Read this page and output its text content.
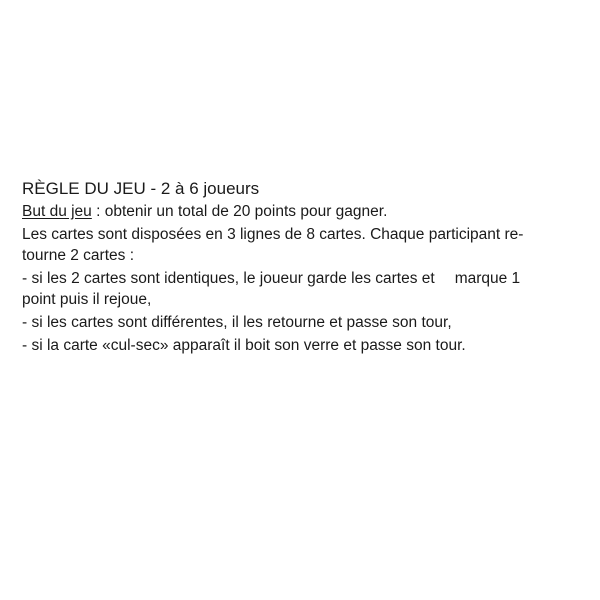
RÈGLE DU JEU - 2 à 6 joueurs

But du jeu : obtenir un total de 20 points pour gagner.

Les cartes sont disposées en 3 lignes de 8 cartes. Chaque participant re-
tourne 2 cartes :

- si les 2 cartes sont identiques, le joueur garde les cartes et marque 1
point puis il rejoue,

- si les cartes sont différentes, il les retourne et passe son tour,

- si la carte «cul-sec» apparaît il boit son verre et passe son tour.
